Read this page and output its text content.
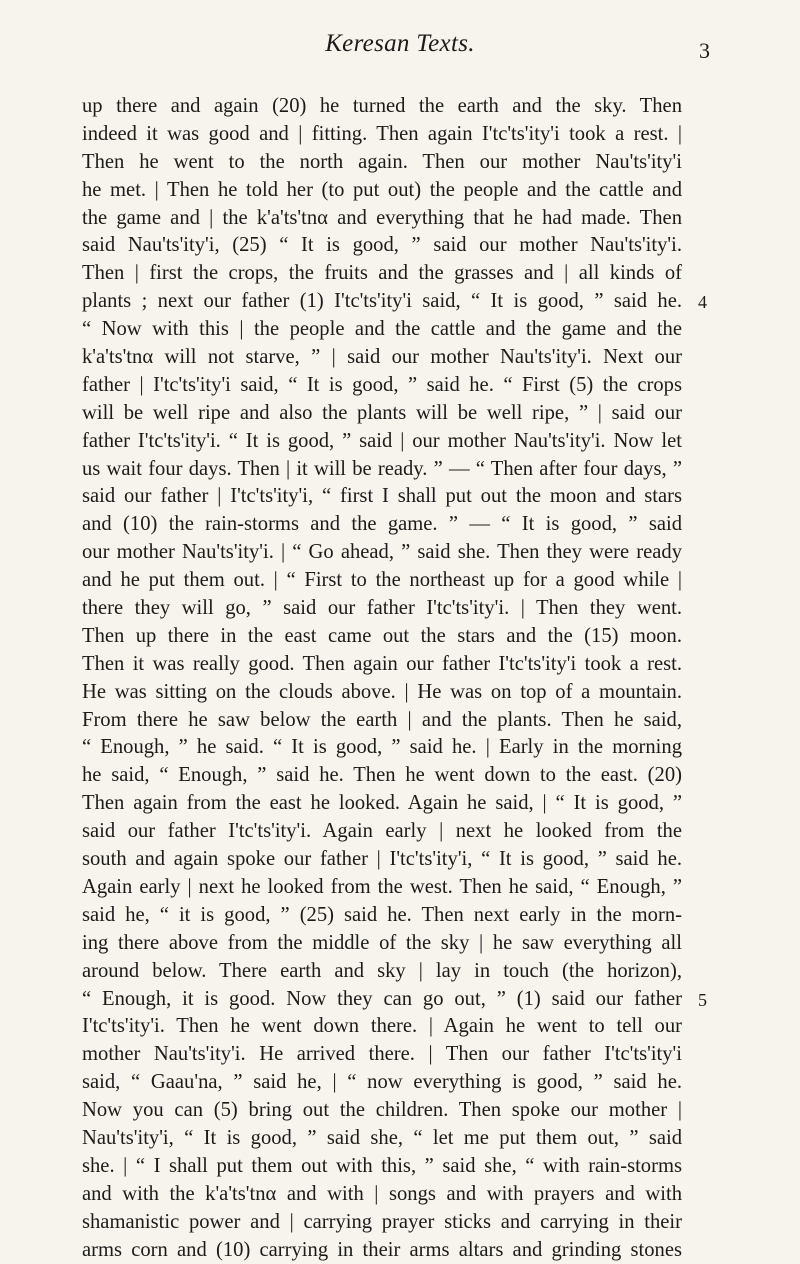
Keresan Texts.	3
up there and again (20) he turned the earth and the sky. Then
indeed it was good and | fitting. Then again I'tc'ts'ity'i took a rest. |
Then he went to the north again. Then our mother Nau'ts'ity'i
he met. | Then he told her (to put out) the people and the cattle and
the game and | the k'a'ts'tnα and everything that he had made. Then
said Nau'ts'ity'i, (25) “ It is good, ” said our mother Nau'ts'ity'i.
Then | first the crops, the fruits and the grasses and | all kinds of
plants ; next our father (1) I'tc'ts'ity'i said, “ It is good, ” said he.
“ Now with this | the people and the cattle and the game and the
k'a'ts'tnα will not starve, ” | said our mother Nau'ts'ity'i. Next our
father | I'tc'ts'ity'i said, “ It is good, ” said he. “ First (5) the crops
will be well ripe and also the plants will be well ripe, ” | said our
father I'tc'ts'ity'i. “ It is good, ” said | our mother Nau'ts'ity'i. Now let
us wait four days. Then | it will be ready. ” — “ Then after four days, ”
said our father | I'tc'ts'ity'i, “ first I shall put out the moon and stars
and (10) the rain-storms and the game. ” — “ It is good, ” said
our mother Nau'ts'ity'i. | “ Go ahead, ” said she. Then they were ready
and he put them out. | “ First to the northeast up for a good while |
there they will go, ” said our father I'tc'ts'ity'i. | Then they went.
Then up there in the east came out the stars and the (15) moon.
Then it was really good. Then again our father I'tc'ts'ity'i took a rest.
He was sitting on the clouds above. | He was on top of a mountain.
From there he saw below the earth | and the plants. Then he said,
“ Enough, ” he said. “ It is good, ” said he. | Early in the morning
he said, “ Enough, ” said he. Then he went down to the east. (20)
Then again from the east he looked. Again he said, | “ It is good, ”
said our father I'tc'ts'ity'i. Again early | next he looked from the
south and again spoke our father | I'tc'ts'ity'i, “ It is good, ” said he.
Again early | next he looked from the west. Then he said, “ Enough, ”
said he, “ it is good, ” (25) said he. Then next early in the morn-
ing there above from the middle of the sky | he saw everything all
around below. There earth and sky | lay in touch (the horizon),
“ Enough, it is good. Now they can go out, ” (1) said our father
I'tc'ts'ity'i. Then he went down there. | Again he went to tell our
mother Nau'ts'ity'i. He arrived there. | Then our father I'tc'ts'ity'i
said, “ Gaau'na, ” said he, | “ now everything is good, ” said he.
Now you can (5) bring out the children. Then spoke our mother |
Nau'ts'ity'i, “ It is good, ” said she, “ let me put them out, ” said
she. | “ I shall put them out with this, ” said she, “ with rain-storms
and with the k'a'ts'tnα and with | songs and with prayers and with
shamanistic power and | carrying prayer sticks and carrying in their
arms corn and (10) carrying in their arms altars and grinding stones
4
5
